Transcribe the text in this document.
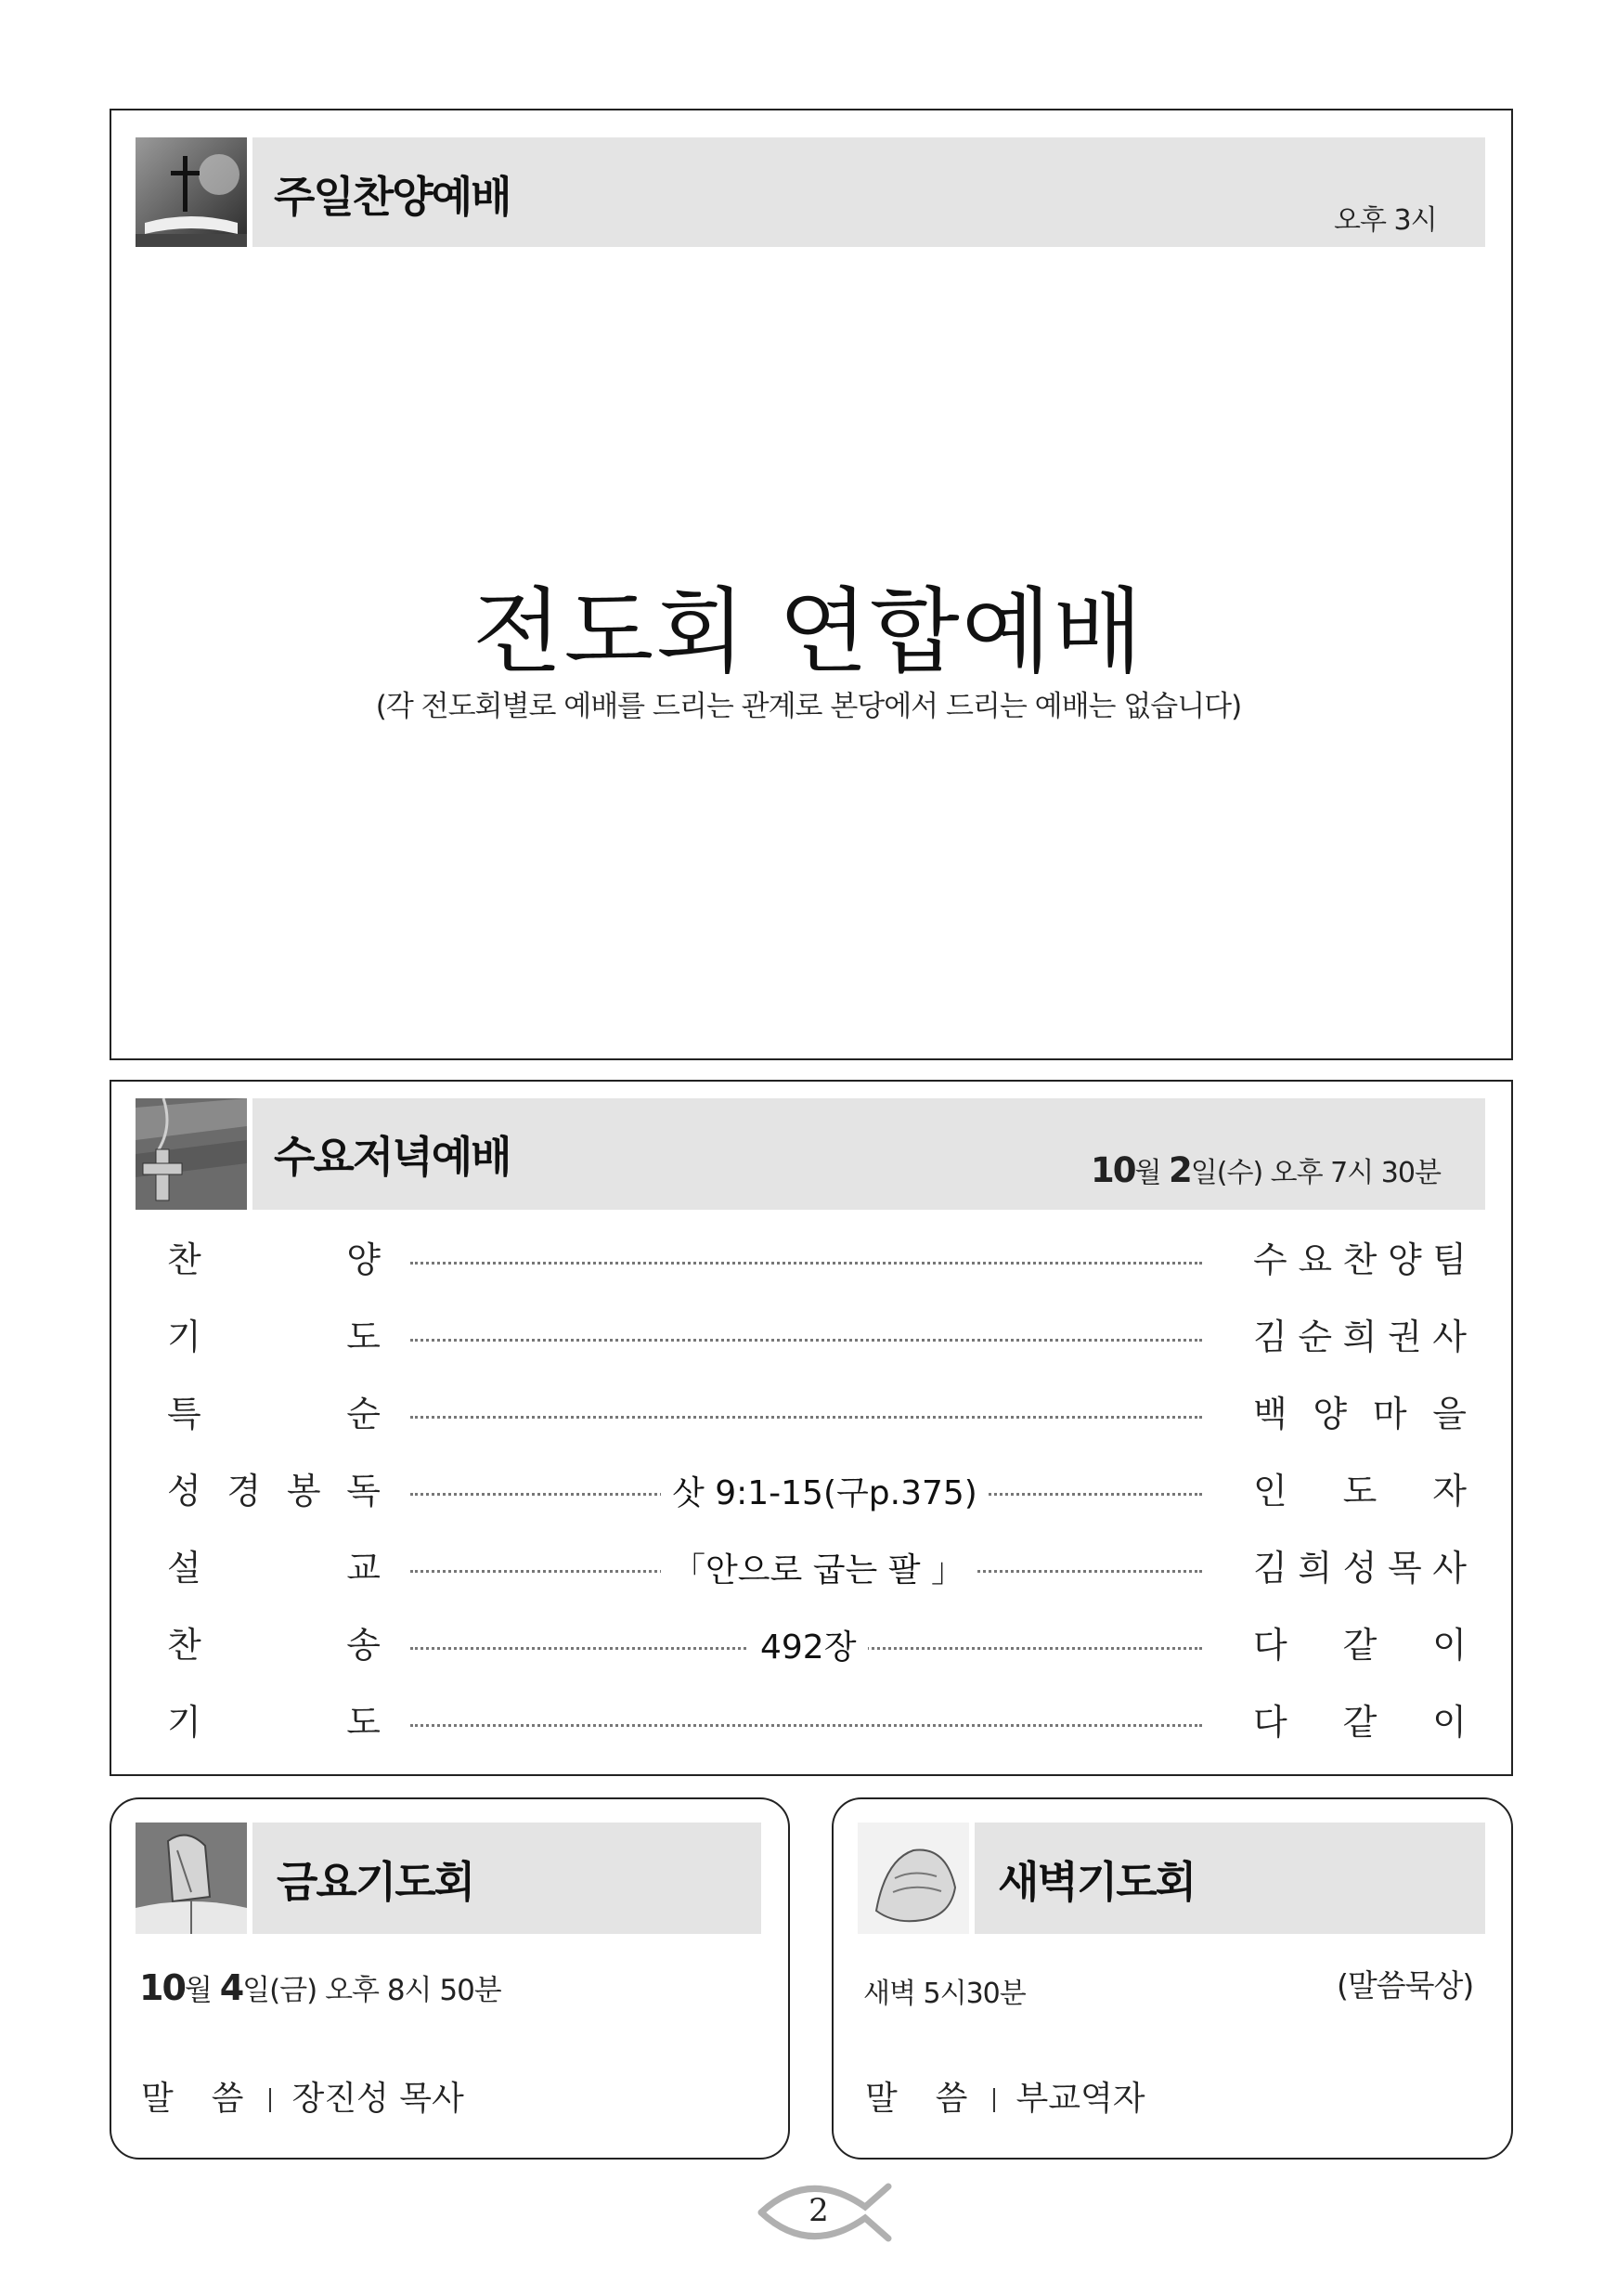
주일찬양예배	오후 3시
전도회 연합예배
(각 전도회별로 예배를 드리는 관계로 본당에서 드리는 예배는 없습니다)
수요저녁예배	10월 2일(수) 오후 7시 30분
찬	양	수 요 찬 양 팀
기	도	김 순 희 권 사
특	순	백 양 마 을
성 경 봉 독	삿 9:1-15(구p.375)	인 도 자
설	교	「안으로 굽는 팔 」	김 희 성 목 사
찬	송	492장	다 같 이
기	도	다 같 이
금요기도회
10월 4일(금) 오후 8시 50분
말  씀 장진성 목사
새벽기도회
새벽 5시30분	(말씀묵상)
말  씀 부교역자
2
